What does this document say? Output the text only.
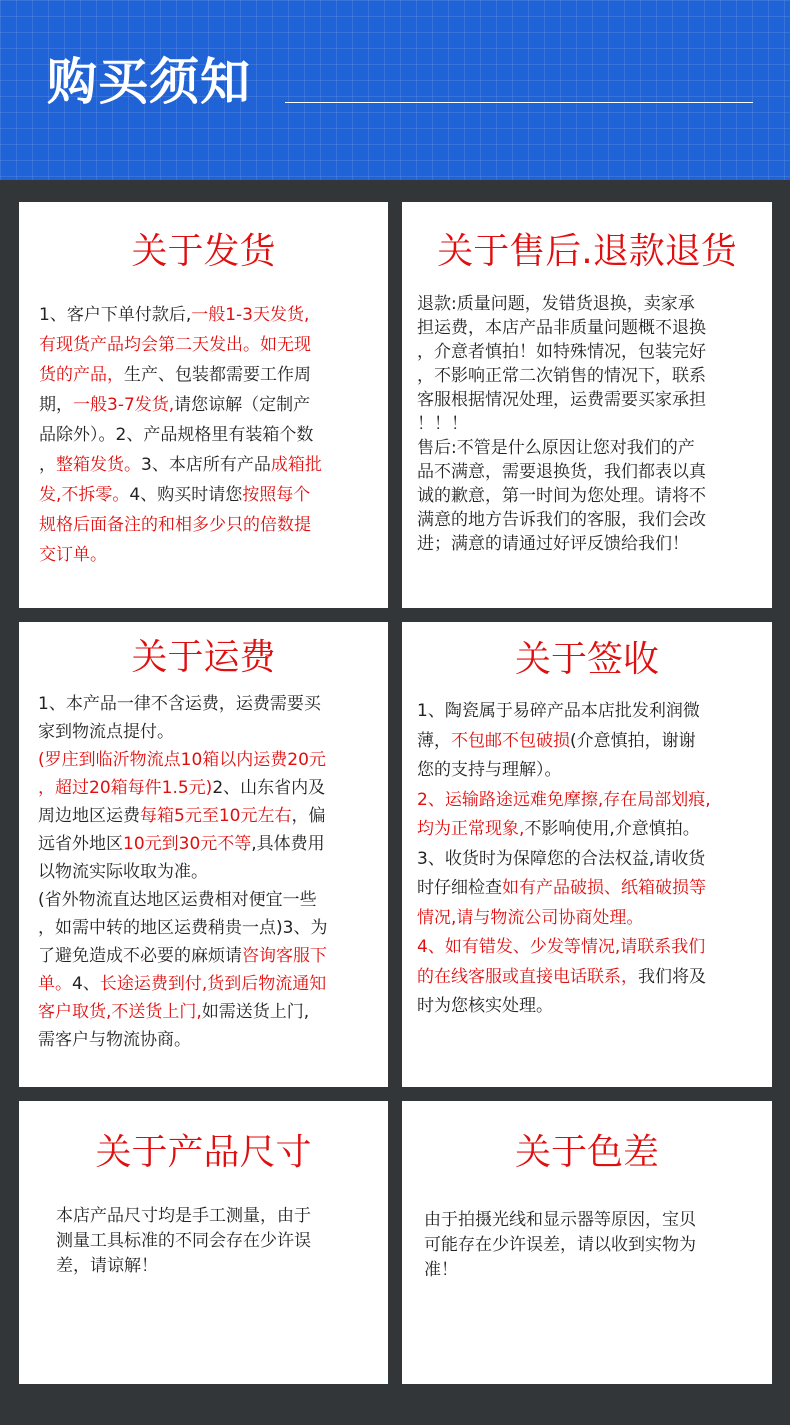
购买须知
关于发货
1、客户下单付款后,一般1-3天发货,
有现货产品均会第二天发出。如无现
货的产品，生产、包装都需要工作周
期，一般3-7发货,请您谅解（定制产
品除外）。2、产品规格里有装箱个数
，整箱发货。3、本店所有产品成箱批
发,不拆零。4、购买时请您按照每个
规格后面备注的和相多少只的倍数提
交订单。
关于售后.退款退货
退款:质量问题，发错货退换，卖家承
担运费，本店产品非质量问题概不退换
，介意者慎拍！如特殊情况，包装完好
，不影响正常二次销售的情况下，联系
客服根据情况处理，运费需要买家承担
！！！
售后:不管是什么原因让您对我们的产
品不满意，需要退换货，我们都表以真
诚的歉意，第一时间为您处理。请将不
满意的地方告诉我们的客服，我们会改
进；满意的请通过好评反馈给我们！
关于运费
1、本产品一律不含运费，运费需要买
家到物流点提付。
(罗庄到临沂物流点10箱以内运费20元
，超过20箱每件1.5元)2、山东省内及
周边地区运费每箱5元至10元左右，偏
远省外地区10元到30元不等,具体费用
以物流实际收取为准。
(省外物流直达地区运费相对便宜一些
，如需中转的地区运费稍贵一点)3、为
了避免造成不必要的麻烦请咨询客服下
单。4、长途运费到付,货到后物流通知
客户取货,不送货上门,如需送货上门,
需客户与物流协商。
关于签收
1、陶瓷属于易碎产品本店批发利润微
薄，不包邮不包破损(介意慎拍，谢谢
您的支持与理解）。
2、运输路途远难免摩擦,存在局部划痕,
均为正常现象,不影响使用,介意慎拍。
3、收货时为保障您的合法权益,请收货
时仔细检查如有产品破损、纸箱破损等
情况,请与物流公司协商处理。
4、如有错发、少发等情况,请联系我们
的在线客服或直接电话联系，我们将及
时为您核实处理。
关于产品尺寸
本店产品尺寸均是手工测量，由于
测量工具标准的不同会存在少许误
差，请谅解！
关于色差
由于拍摄光线和显示器等原因，宝贝
可能存在少许误差，请以收到实物为
准！
